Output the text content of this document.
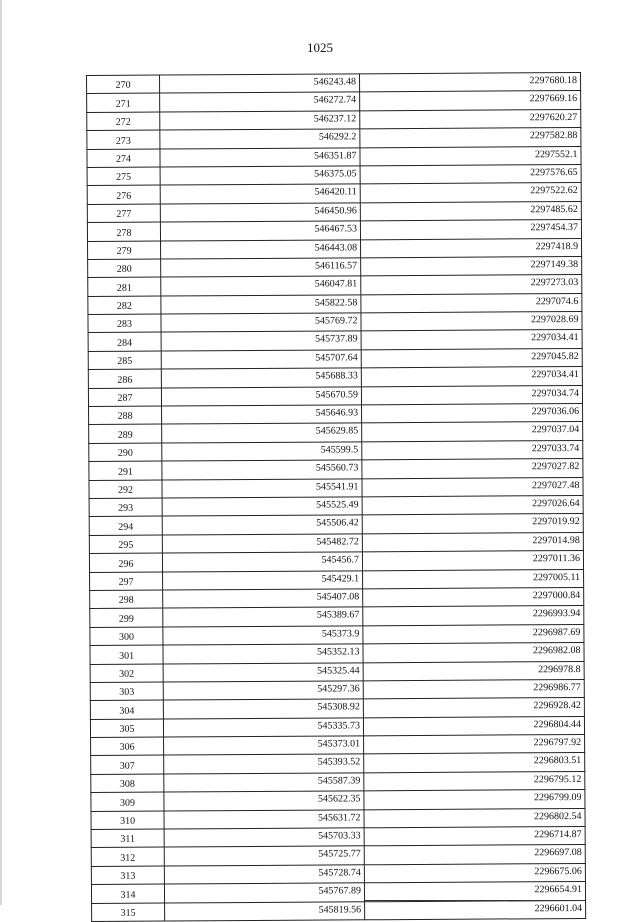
1025
270	546243.48	2297680.18
271	546272.74	2297669.16
272	546237.12	2297620.27
273	546292.2	2297582.88
274	546351.87	2297552.1
275	546375.05	2297576.65
276	546420.11	2297522.62
277	546450.96	2297485.62
278	546467.53	2297454.37
279	546443.08	2297418.9
280	546116.57	2297149.38
281	546047.81	2297273.03
282	545822.58	2297074.6
283	545769.72	2297028.69
284	545737.89	2297034.41
285	545707.64	2297045.82
286	545688.33	2297034.41
287	545670.59	2297034.74
288	545646.93	2297036.06
289	545629.85	2297037.04
290	545599.5	2297033.74
291	545560.73	2297027.82
292	545541.91	2297027.48
293	545525.49	2297026.64
294	545506.42	2297019.92
295	545482.72	2297014.98
296	545456.7	2297011.36
297	545429.1	2297005.11
298	545407.08	2297000.84
299	545389.67	2296993.94
300	545373.9	2296987.69
301	545352.13	2296982.08
302	545325.44	2296978.8
303	545297.36	2296986.77
304	545308.92	2296928.42
305	545335.73	2296804.44
306	545373.01	2296797.92
307	545393.52	2296803.51
308	545587.39	2296795.12
309	545622.35	2296799.09
310	545631.72	2296802.54
311	545703.33	2296714.87
312	545725.77	2296697.08
313	545728.74	2296675.06
314	545767.89	2296654.91
315	545819.56	2296601.04
